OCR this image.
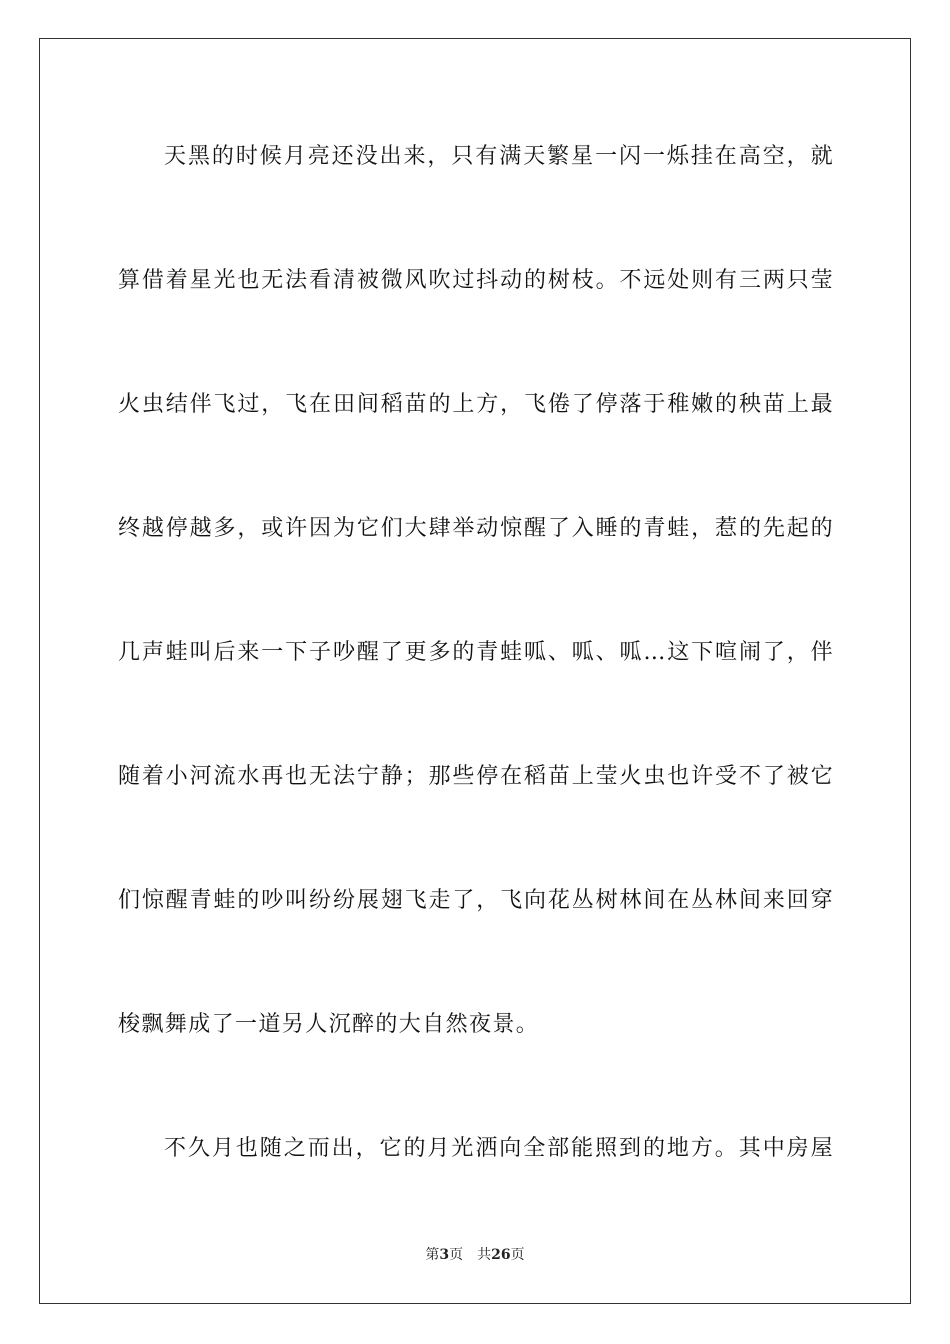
天黑的时候月亮还没出来，只有满天繁星一闪一烁挂在高空，就
算借着星光也无法看清被微风吹过抖动的树枝。不远处则有三两只莹
火虫结伴飞过，飞在田间稻苗的上方，飞倦了停落于稚嫩的秧苗上最
终越停越多，或许因为它们大肆举动惊醒了入睡的青蛙，惹的先起的
几声蛙叫后来一下子吵醒了更多的青蛙呱、呱、呱…这下喧闹了，伴
随着小河流水再也无法宁静；那些停在稻苗上莹火虫也许受不了被它
们惊醒青蛙的吵叫纷纷展翅飞走了，飞向花丛树林间在丛林间来回穿
梭飘舞成了一道另人沉醉的大自然夜景。
不久月也随之而出，它的月光洒向全部能照到的地方。其中房屋
第3页 共26页
